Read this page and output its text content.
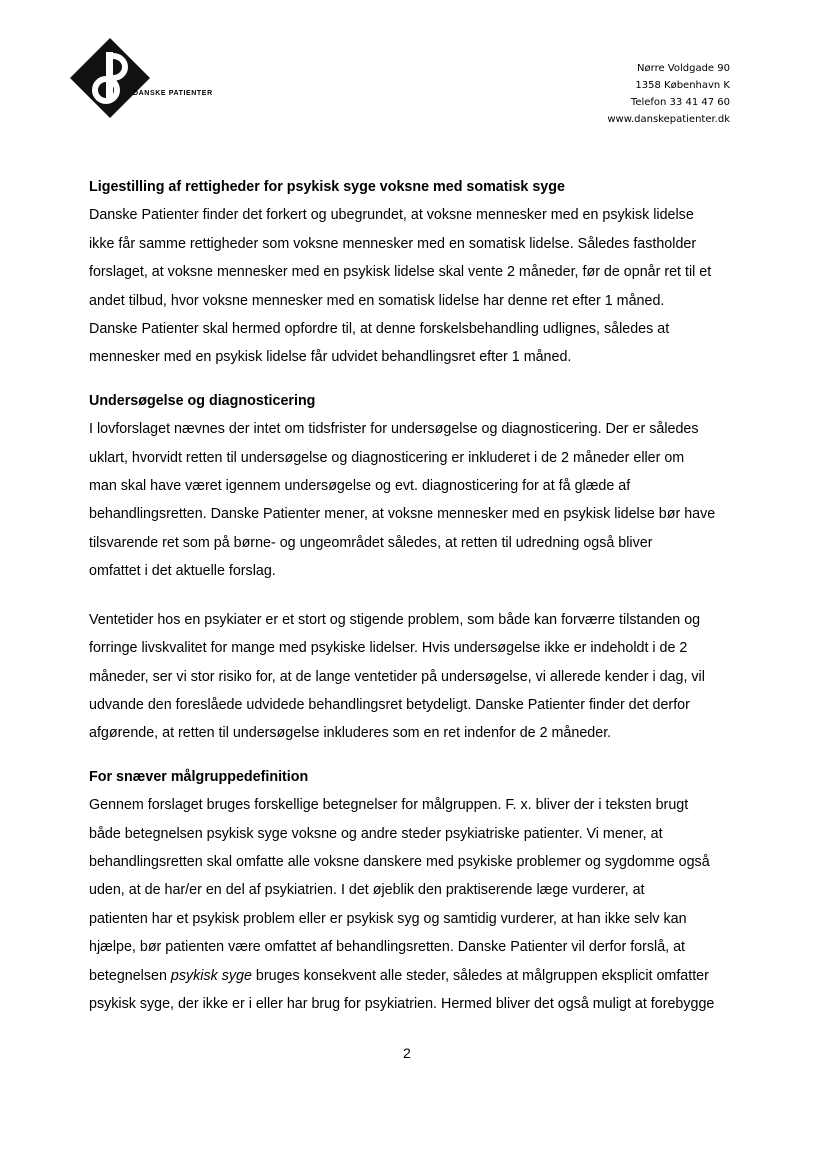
DANSKE PATIENTER
Nørre Voldgade 90
1358 København K
Telefon 33 41 47 60
www.danskepatienter.dk

Ligestilling af rettigheder for psykisk syge voksne med somatisk syge

Danske Patienter finder det forkert og ubegrundet, at voksne mennesker med en psykisk lidelse

ikke får samme rettigheder som voksne mennesker med en somatisk lidelse. Således fastholder

forslaget, at voksne mennesker med en psykisk lidelse skal vente 2 måneder, før de opnår ret til et

andet tilbud, hvor voksne mennesker med en somatisk lidelse har denne ret efter 1 måned.

Danske Patienter skal hermed opfordre til, at denne forskelsbehandling udlignes, således at

mennesker med en psykisk lidelse får udvidet behandlingsret efter 1 måned.

Undersøgelse og diagnosticering

I lovforslaget nævnes der intet om tidsfrister for undersøgelse og diagnosticering. Der er således

uklart, hvorvidt retten til undersøgelse og diagnosticering er inkluderet i de 2 måneder eller om

man skal have været igennem undersøgelse og evt. diagnosticering for at få glæde af

behandlingsretten. Danske Patienter mener, at voksne mennesker med en psykisk lidelse bør have

tilsvarende ret som på børne- og ungeområdet således, at retten til udredning også bliver

omfattet i det aktuelle forslag.

Ventetider hos en psykiater er et stort og stigende problem, som både kan forværre tilstanden og

forringe livskvalitet for mange med psykiske lidelser. Hvis undersøgelse ikke er indeholdt i de 2

måneder, ser vi stor risiko for, at de lange ventetider på undersøgelse, vi allerede kender i dag, vil

udvande den foreslåede udvidede behandlingsret betydeligt. Danske Patienter finder det derfor

afgørende, at retten til undersøgelse inkluderes som en ret indenfor de 2 måneder.

For snæver målgruppedefinition

Gennem forslaget bruges forskellige betegnelser for målgruppen. F. x. bliver der i teksten brugt

både betegnelsen psykisk syge voksne og andre steder psykiatriske patienter. Vi mener, at

behandlingsretten skal omfatte alle voksne danskere med psykiske problemer og sygdomme også

uden, at de har/er en del af psykiatrien. I det øjeblik den praktiserende læge vurderer, at

patienten har et psykisk problem eller er psykisk syg og samtidig vurderer, at han ikke selv kan

hjælpe, bør patienten være omfattet af behandlingsretten. Danske Patienter vil derfor forslå, at

betegnelsen psykisk syge bruges konsekvent alle steder, således at målgruppen eksplicit omfatter

psykisk syge, der ikke er i eller har brug for psykiatrien. Hermed bliver det også muligt at forebygge

2
